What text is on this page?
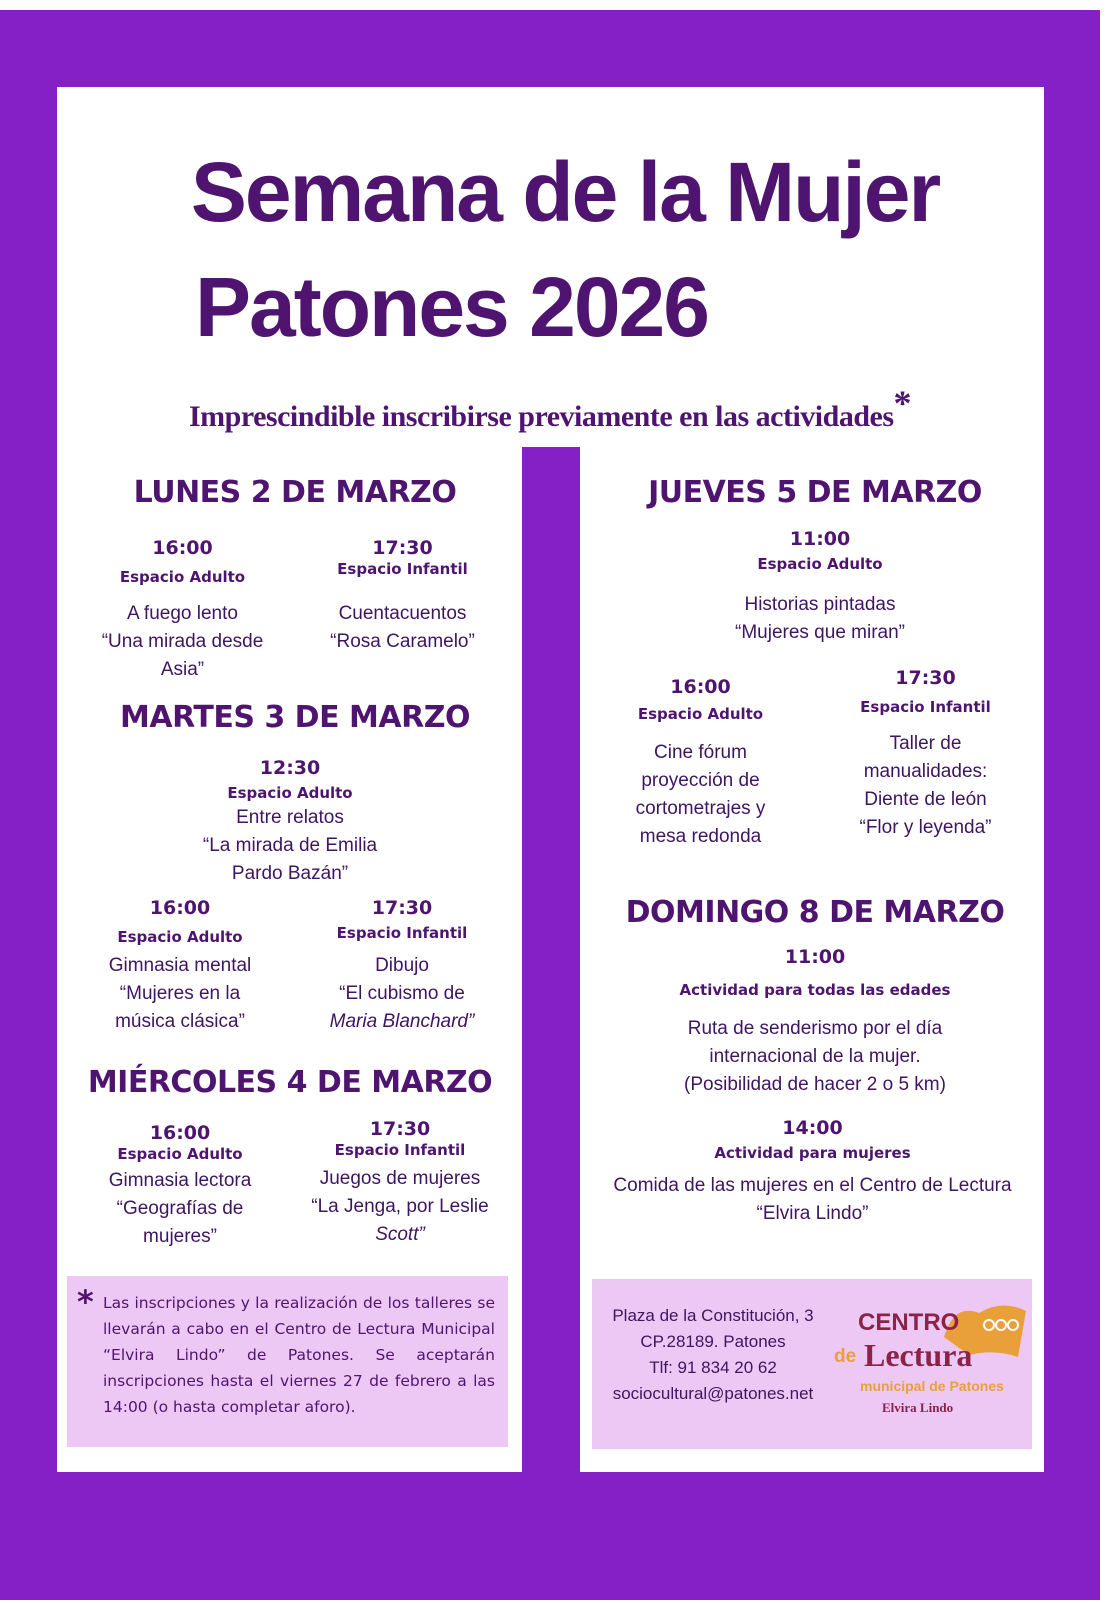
Semana de la Mujer
Patones 2026
Imprescindible inscribirse previamente en las actividades*
LUNES 2 DE MARZO
16:00
Espacio Adulto
A fuego lento
“Una mirada desde
Asia”
17:30
Espacio Infantil
Cuentacuentos
“Rosa Caramelo”
MARTES 3 DE MARZO
12:30
Espacio Adulto
Entre relatos
“La mirada de Emilia
Pardo Bazán”
16:00
Espacio Adulto
Gimnasia mental
“Mujeres en la
música clásica”
17:30
Espacio Infantil
Dibujo
“El cubismo de
Maria Blanchard”
MIÉRCOLES 4 DE MARZO
16:00
Espacio Adulto
Gimnasia lectora
“Geografías de
mujeres”
17:30
Espacio Infantil
Juegos de mujeres
“La Jenga, por Leslie
Scott”
JUEVES 5 DE MARZO
11:00
Espacio Adulto
Historias pintadas
“Mujeres que miran”
16:00
Espacio Adulto
Cine fórum
proyección de
cortometrajes y
mesa redonda
17:30
Espacio Infantil
Taller de
manualidades:
Diente de león
“Flor y leyenda”
DOMINGO 8 DE MARZO
11:00
Actividad para todas las edades
Ruta de senderismo por el día
internacional de la mujer.
(Posibilidad de hacer 2 o 5 km)
14:00
Actividad para mujeres
Comida de las mujeres en el Centro de Lectura
“Elvira Lindo”
* Las inscripciones y la realización de los talleres se llevarán a cabo en el Centro de Lectura Municipal “Elvira Lindo” de Patones. Se aceptarán inscripciones hasta el viernes 27 de febrero a las 14:00 (o hasta completar aforo).
Plaza de la Constitución, 3
CP.28189. Patones
Tlf: 91 834 20 62
sociocultural@patones.net
CENTRO
de Lectura
municipal de Patones
Elvira Lindo
